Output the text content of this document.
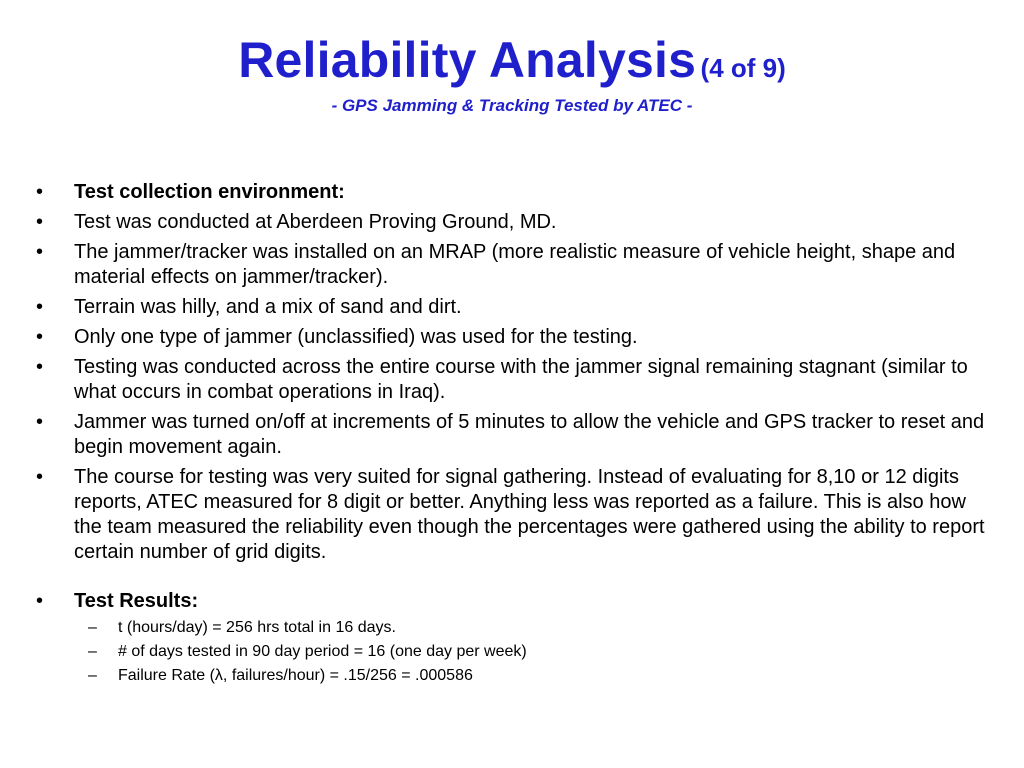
Reliability Analysis (4 of 9)
- GPS Jamming & Tracking Tested by ATEC -
•	Test collection environment:
•	Test was conducted at Aberdeen Proving Ground, MD.
•	The jammer/tracker was installed on an MRAP (more realistic measure of vehicle height, shape and material effects on jammer/tracker).
•	Terrain was hilly, and a mix of sand and dirt.
•	Only one type of jammer (unclassified) was used for the testing.
•	Testing was conducted across the entire course with the jammer signal remaining stagnant (similar to what occurs in combat operations in Iraq).
•	Jammer was turned on/off at increments of 5 minutes to allow the vehicle and GPS tracker to reset and begin movement again.
•	The course for testing was very suited for signal gathering. Instead of evaluating for 8,10 or 12 digits reports, ATEC measured for 8 digit or better. Anything less was reported as a failure. This is also how the team measured the reliability even though the percentages were gathered using the ability to report certain number of grid digits.
•	Test Results:
– t (hours/day) = 256 hrs total in 16 days.
– # of days tested in 90 day period = 16 (one day per week)
– Failure Rate (λ, failures/hour) = .15/256 = .000586
